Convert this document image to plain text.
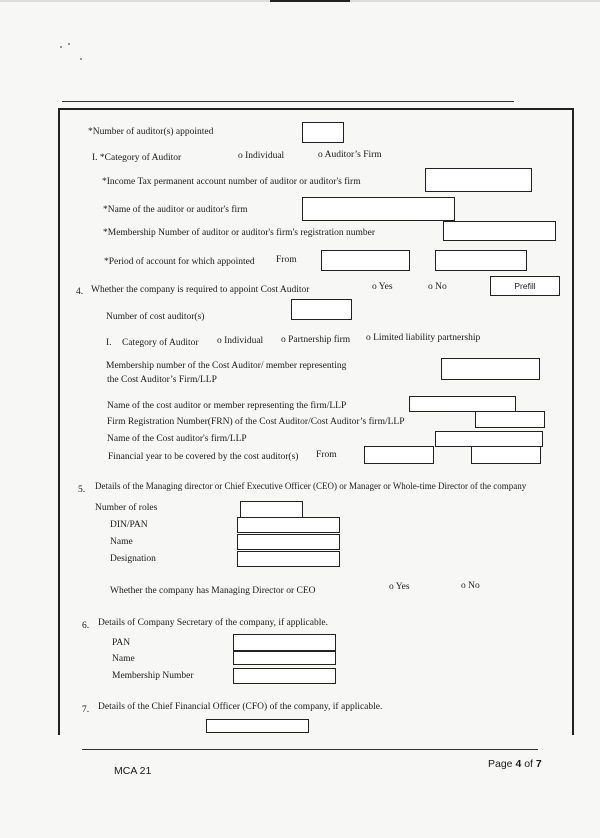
*Number of auditor(s) appointed
I. *Category of Auditor	o Individual	o Auditor’s Firm
*Income Tax permanent account number of auditor or auditor's firm
*Name of the auditor or auditor's firm
*Membership Number of auditor or auditor's firm's registration number
*Period of account for which appointed From
4. Whether the company is required to appoint Cost Auditor	o Yes	o No	Prefill
Number of cost auditor(s)
I. Category of Auditor o Individual o Partnership firm o Limited liability partnership
Membership number of the Cost Auditor/ member representing
the Cost Auditor’s Firm/LLP
Name of the cost auditor or member representing the firm/LLP
Firm Registration Number(FRN) of the Cost Auditor/Cost Auditor’s firm/LLP
Name of the Cost auditor's firm/LLP
Financial year to be covered by the cost auditor(s) From
5. Details of the Managing director or Chief Executive Officer (CEO) or Manager or Whole-time Director of the company
Number of roles
DIN/PAN
Name
Designation
Whether the company has Managing Director or CEO	o Yes	o No
6. Details of Company Secretary of the company, if applicable.
PAN
Name
Membership Number
7. Details of the Chief Financial Officer (CFO) of the company, if applicable.
MCA 21
Page 4 of 7
